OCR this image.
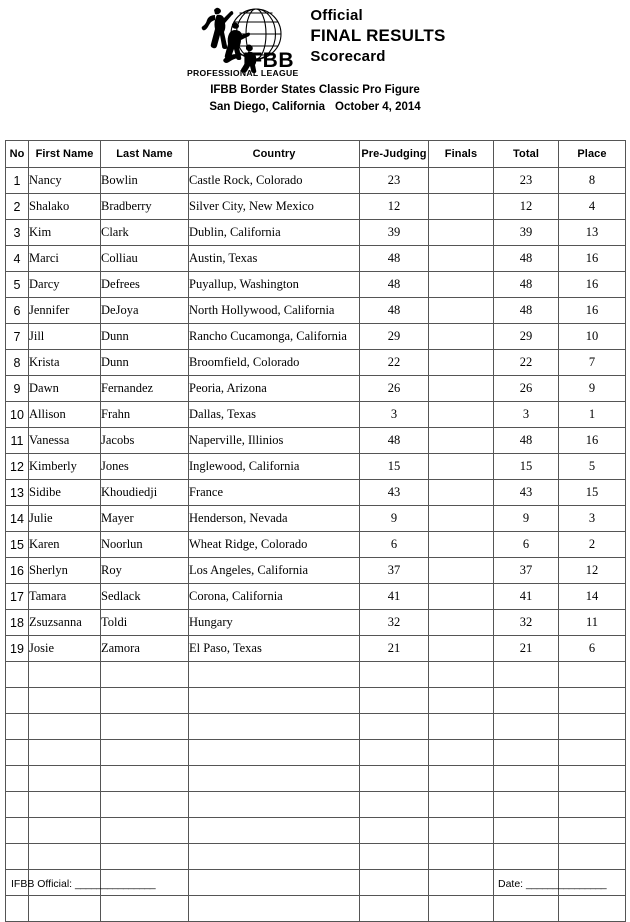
IFBB
PROFESSIONAL LEAGUE
Official
FINAL RESULTS
Scorecard
IFBB Border States Classic Pro Figure
San Diego, California October 4, 2014
No	First Name	Last Name	Country	Pre-Judging	Finals	Total	Place
1	Nancy	Bowlin	Castle Rock, Colorado	23		23	8
2	Shalako	Bradberry	Silver City, New Mexico	12		12	4
3	Kim	Clark	Dublin, California	39		39	13
4	Marci	Colliau	Austin, Texas	48		48	16
5	Darcy	Defrees	Puyallup, Washington	48		48	16
6	Jennifer	DeJoya	North Hollywood, California	48		48	16
7	Jill	Dunn	Rancho Cucamonga, California	29		29	10
8	Krista	Dunn	Broomfield, Colorado	22		22	7
9	Dawn	Fernandez	Peoria, Arizona	26		26	9
10	Allison	Frahn	Dallas, Texas	3		3	1
11	Vanessa	Jacobs	Naperville, Illinios	48		48	16
12	Kimberly	Jones	Inglewood, California	15		15	5
13	Sidibe	Khoudiedji	France	43		43	15
14	Julie	Mayer	Henderson, Nevada	9		9	3
15	Karen	Noorlun	Wheat Ridge, Colorado	6		6	2
16	Sherlyn	Roy	Los Angeles, California	37		37	12
17	Tamara	Sedlack	Corona, California	41		41	14
18	Zsuzsanna	Toldi	Hungary	32		32	11
19	Josie	Zamora	El Paso, Texas	21		21	6

IFBB Official: _______________	Date: _______________
